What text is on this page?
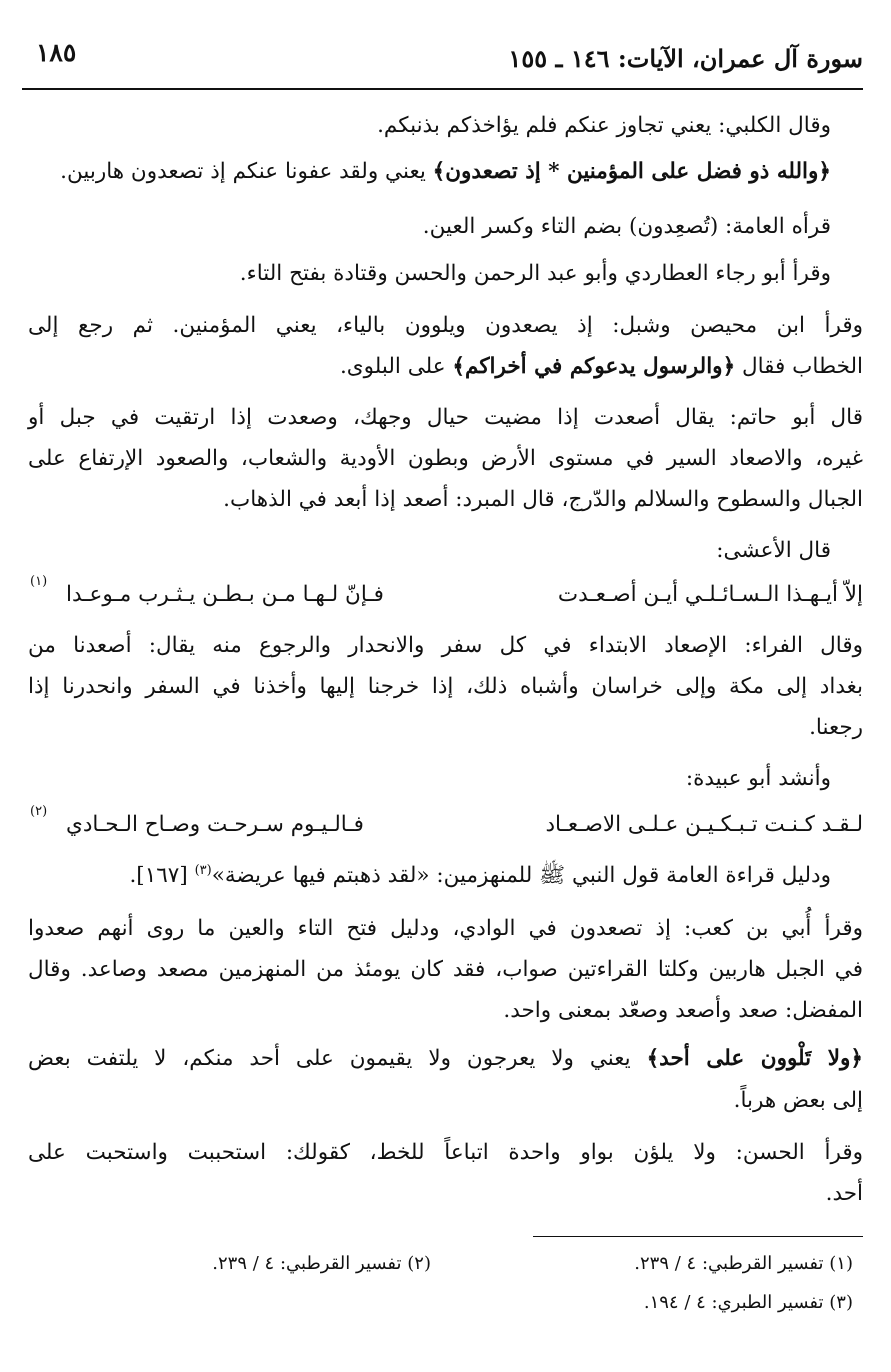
سورة آل عمران، الآيات: ١٤٦ ـ ١٥٥
١٨٥
وقال الكلبي: يعني تجاوز عنكم فلم يؤاخذكم بذنبكم.
﴿والله ذو فضل على المؤمنين * إذ تصعدون﴾ يعني ولقد عفونا عنكم إذ تصعدون هاربين.
قرأه العامة: (تُصعِدون) بضم التاء وكسر العين.
وقرأ أبو رجاء العطاردي وأبو عبد الرحمن والحسن وقتادة بفتح التاء.
وقرأ ابن محيصن وشبل: إذ يصعدون ويلوون بالياء، يعني المؤمنين. ثم رجع إلى
الخطاب فقال ﴿والرسول يدعوكم في أخراكم﴾ على البلوى.
قال أبو حاتم: يقال أصعدت إذا مضيت حيال وجهك، وصعدت إذا ارتقيت في جبل أو
غيره، والاصعاد السير في مستوى الأرض وبطون الأودية والشعاب، والصعود الإرتفاع على
الجبال والسطوح والسلالم والدّرج، قال المبرد: أصعد إذا أبعد في الذهاب.
قال الأعشى:
إلاّ أيـهـذا الـسـائـلـي أيـن أصـعـدت
فـإنّ لـهـا مـن بـطـن يـثـرب مـوعـدا
(١)
وقال الفراء: الإصعاد الابتداء في كل سفر والانحدار والرجوع منه يقال: أصعدنا من
بغداد إلى مكة وإلى خراسان وأشباه ذلك، إذا خرجنا إليها وأخذنا في السفر وانحدرنا إذا
رجعنا.
وأنشد أبو عبيدة:
لـقـد كـنـت تـبـكـيـن عـلـى الاصـعـاد
فـالـيـوم سـرحـت وصـاح الـحـادي
(٢)
ودليل قراءة العامة قول النبي ﷺ للمنهزمين: «لقد ذهبتم فيها عريضة»$^{(٣)}$ [١٦٧].
وقرأ أُبي بن كعب: إذ تصعدون في الوادي، ودليل فتح التاء والعين ما روى أنهم صعدوا
في الجبل هاربين وكلتا القراءتين صواب، فقد كان يومئذ من المنهزمين مصعد وصاعد. وقال
المفضل: صعد وأصعد وصعّد بمعنى واحد.
﴿ولا تَلْوون على أحد﴾ يعني ولا يعرجون ولا يقيمون على أحد منكم، لا يلتفت بعض
إلى بعض هرباً.
وقرأ الحسن: ولا يلؤن بواو واحدة اتباعاً للخط، كقولك: استحببت واستحبت على
أحد.
(١) تفسير القرطبي: ٤ / ٢٣٩.
(٢) تفسير القرطبي: ٤ / ٢٣٩.
(٣) تفسير الطبري: ٤ / ١٩٤.
